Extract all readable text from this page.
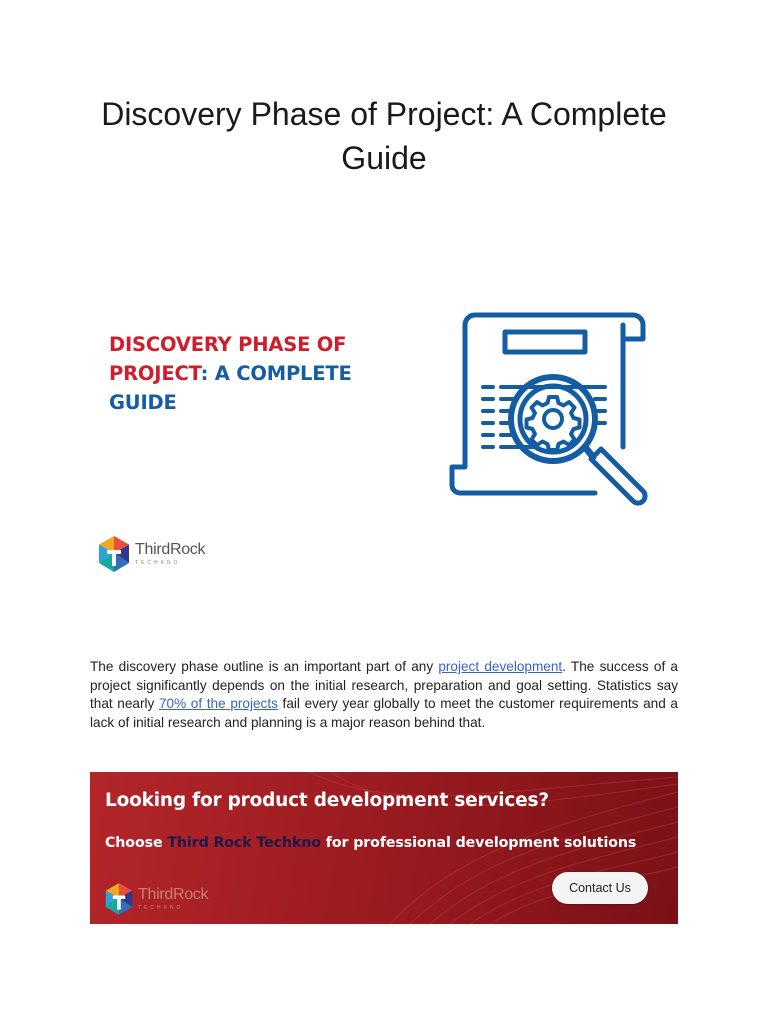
Discovery Phase of Project: A Complete Guide
DISCOVERY PHASE OF
PROJECT: A COMPLETE
GUIDE
ThirdRock
TECHKNO

The discovery phase outline is an important part of any project development. The success of a project significantly depends on the initial research, preparation and goal setting. Statistics say that nearly 70% of the projects fail every year globally to meet the customer requirements and a lack of initial research and planning is a major reason behind that.

Looking for product development services?
Choose Third Rock Techkno for professional development solutions
ThirdRock
TECHKNO
Contact Us
